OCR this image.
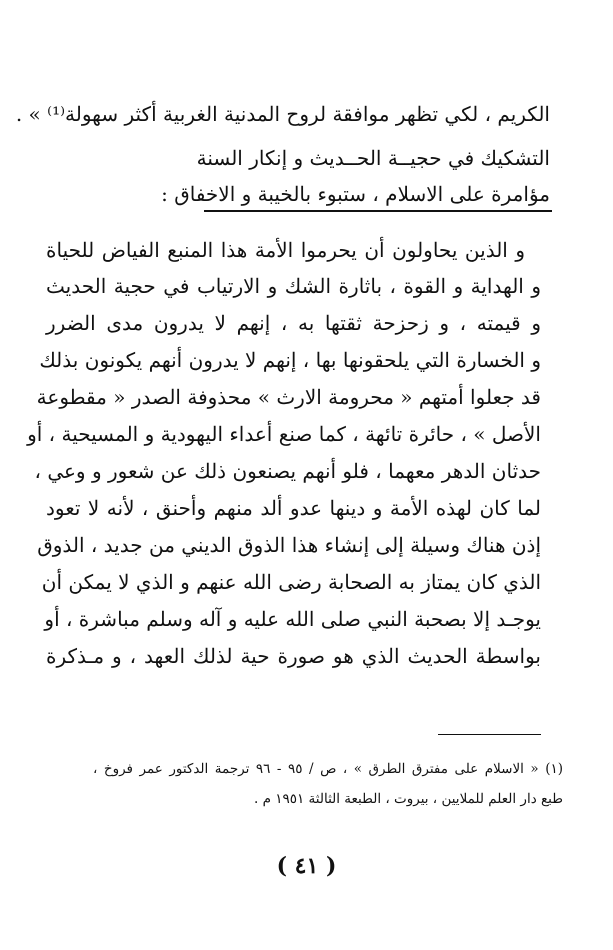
الكريم ، لكي تظهر موافقة لروح المدنية الغربية أكثر سهولة⁽¹⁾ » .
التشكيك في حجيــة الحــديث و إنكار السنة
مؤامرة على الاسلام ، ستبوء بالخيبة و الاخفاق :
و الذين يحاولون أن يحرموا الأمة هذا المنبع الفياض للحياة
و الهداية و القوة ، باثارة الشك و الارتياب في حجية الحديث
و قيمته ، و زحزحة ثقتها به ، إنهم لا يدرون مدى الضرر
و الخسارة التي يلحقونها بها ، إنهم لا يدرون أنهم يكونون بذلك
قد جعلوا أمتهم « محرومة الارث » محذوفة الصدر « مقطوعة
الأصل » ، حائرة تائهة ، كما صنع أعداء اليهودية و المسيحية ، أو
حدثان الدهر معهما ، فلو أنهم يصنعون ذلك عن شعور و وعي ،
لما كان لهذه الأمة و دينها عدو ألد منهم وأحنق ، لأنه لا تعود
إذن هناك وسيلة إلى إنشاء هذا الذوق الديني من جديد ، الذوق
الذي كان يمتاز به الصحابة رضى الله عنهم و الذي لا يمكن أن
يوجـد إلا بصحبة النبي صلى الله عليه و آله وسلم مباشرة ، أو
بواسطة الحديث الذي هو صورة حية لذلك العهد ، و مـذكرة
(١) « الاسلام على مفترق الطرق » ، ص / ٩٥ - ٩٦ ترجمة الدكتور عمر فروخ ،
طبع دار العلم للملايين ، بيروت ، الطبعة الثالثة ١٩٥١ م .
( ٤١ )
